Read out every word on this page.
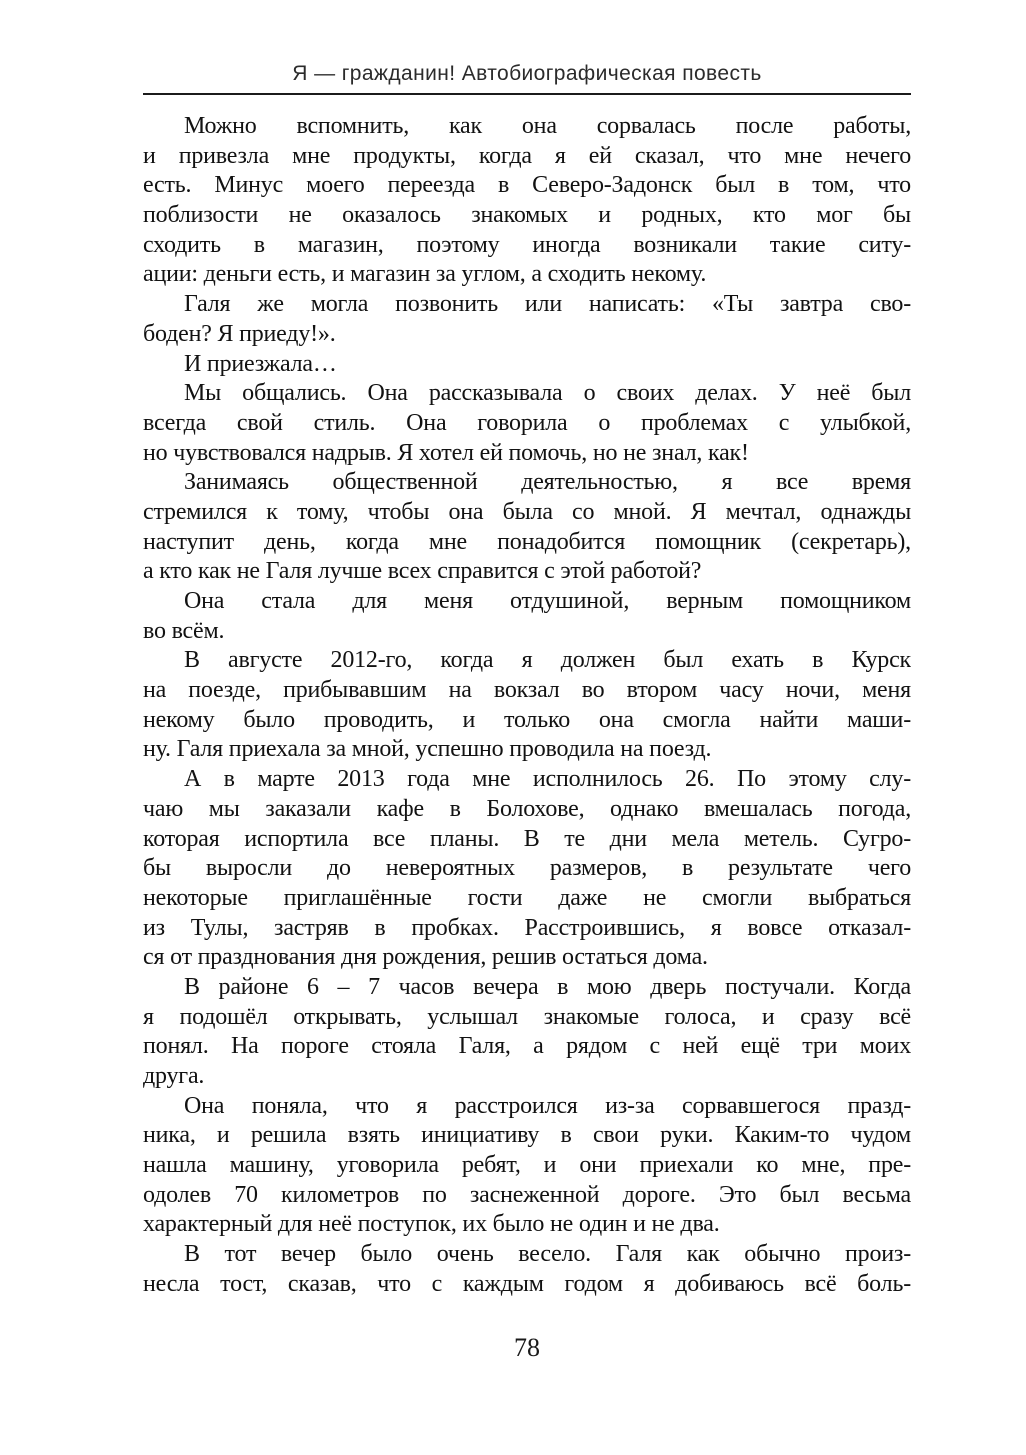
Я — гражданин! Автобиографическая повесть
Можно вспомнить, как она сорвалась после работы,
и привезла мне продукты, когда я ей сказал, что мне нечего
есть. Минус моего переезда в Северо-Задонск был в том, что
поблизости не оказалось знакомых и родных, кто мог бы
сходить в магазин, поэтому иногда возникали такие ситу-
ации: деньги есть, и магазин за углом, а сходить некому.
Галя же могла позвонить или написать: «Ты завтра сво-
боден? Я приеду!».
И приезжала…
Мы общались. Она рассказывала о своих делах. У неё был
всегда свой стиль. Она говорила о проблемах с улыбкой,
но чувствовался надрыв. Я хотел ей помочь, но не знал, как!
Занимаясь общественной деятельностью, я все время
стремился к тому, чтобы она была со мной. Я мечтал, однажды
наступит день, когда мне понадобится помощник (секретарь),
а кто как не Галя лучше всех справится с этой работой?
Она стала для меня отдушиной, верным помощником
во всём.
В августе 2012-го, когда я должен был ехать в Курск
на поезде, прибывавшим на вокзал во втором часу ночи, меня
некому было проводить, и только она смогла найти маши-
ну. Галя приехала за мной, успешно проводила на поезд.
А в марте 2013 года мне исполнилось 26. По этому слу-
чаю мы заказали кафе в Болохове, однако вмешалась погода,
которая испортила все планы. В те дни мела метель. Сугро-
бы выросли до невероятных размеров, в результате чего
некоторые приглашённые гости даже не смогли выбраться
из Тулы, застряв в пробках. Расстроившись, я вовсе отказал-
ся от празднования дня рождения, решив остаться дома.
В районе 6 – 7 часов вечера в мою дверь постучали. Когда
я подошёл открывать, услышал знакомые голоса, и сразу всё
понял. На пороге стояла Галя, а рядом с ней ещё три моих
друга.
Она поняла, что я расстроился из-за сорвавшегося празд-
ника, и решила взять инициативу в свои руки. Каким-то чудом
нашла машину, уговорила ребят, и они приехали ко мне, пре-
одолев 70 километров по заснеженной дороге. Это был весьма
характерный для неё поступок, их было не один и не два.
В тот вечер было очень весело. Галя как обычно произ-
несла тост, сказав, что с каждым годом я добиваюсь всё боль-
78
